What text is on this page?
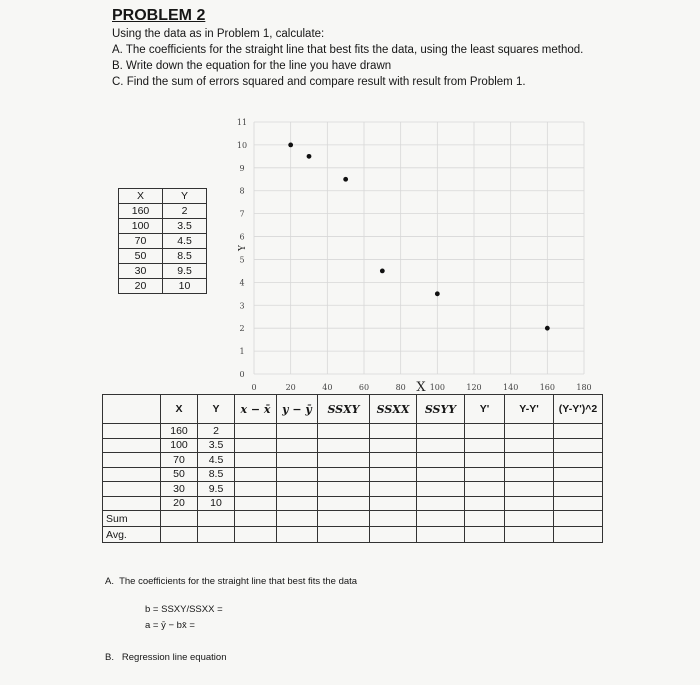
PROBLEM 2
Using the data as in Problem 1, calculate:
A. The coefficients for the straight line that best fits the data, using the least squares method.
B. Write down the equation for the line you have drawn
C. Find the sum of errors squared and compare result with result from Problem 1.
X	Y
160	2
100	3.5
70	4.5
50	8.5
30	9.5
20	10
0
1
2
3
4
5
6
7
8
9
10
11
0	20	40	60	80	100	120	140	160	180
X
Y
	X	Y	x − x̄	y − ȳ	SSXY	SSXX	SSYY	Y'	Y-Y'	(Y-Y')^2
	160	2								
	100	3.5								
	70	4.5								
	50	8.5								
	30	9.5								
	20	10								
Sum										
Avg.										
A. The coefficients for the straight line that best fits the data
b = SSXY/SSXX =
a = ȳ − bx̄ =
B. Regression line equation
